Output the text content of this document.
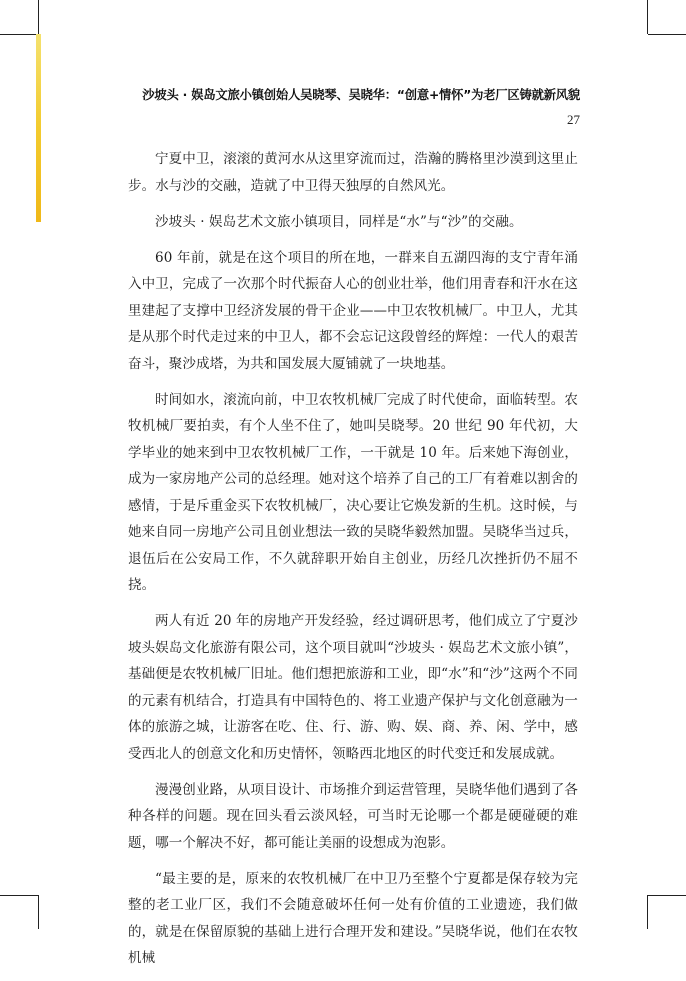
沙坡头 · 娱岛文旅小镇创始人吴晓琴、吴晓华：“创意+情怀”为老厂区铸就新风貌
27

宁夏中卫，滚滚的黄河水从这里穿流而过，浩瀚的腾格里沙漠到这里止步。水与沙的交融，造就了中卫得天独厚的自然风光。

沙坡头 · 娱岛艺术文旅小镇项目，同样是“水”与“沙”的交融。

60 年前，就是在这个项目的所在地，一群来自五湖四海的支宁青年涌入中卫，完成了一次那个时代振奋人心的创业壮举，他们用青春和汗水在这里建起了支撑中卫经济发展的骨干企业——中卫农牧机械厂。中卫人，尤其是从那个时代走过来的中卫人，都不会忘记这段曾经的辉煌：一代人的艰苦奋斗，聚沙成塔，为共和国发展大厦铺就了一块地基。

时间如水，滚流向前，中卫农牧机械厂完成了时代使命，面临转型。农牧机械厂要拍卖，有个人坐不住了，她叫吴晓琴。20 世纪 90 年代初，大学毕业的她来到中卫农牧机械厂工作，一干就是 10 年。后来她下海创业，成为一家房地产公司的总经理。她对这个培养了自己的工厂有着难以割舍的感情，于是斥重金买下农牧机械厂，决心要让它焕发新的生机。这时候，与她来自同一房地产公司且创业想法一致的吴晓华毅然加盟。吴晓华当过兵，退伍后在公安局工作，不久就辞职开始自主创业，历经几次挫折仍不屈不挠。

两人有近 20 年的房地产开发经验，经过调研思考，他们成立了宁夏沙坡头娱岛文化旅游有限公司，这个项目就叫“沙坡头 · 娱岛艺术文旅小镇”，基础便是农牧机械厂旧址。他们想把旅游和工业，即“水”和“沙”这两个不同的元素有机结合，打造具有中国特色的、将工业遗产保护与文化创意融为一体的旅游之城，让游客在吃、住、行、游、购、娱、商、养、闲、学中，感受西北人的创意文化和历史情怀，领略西北地区的时代变迁和发展成就。

漫漫创业路，从项目设计、市场推介到运营管理，吴晓华他们遇到了各种各样的问题。现在回头看云淡风轻，可当时无论哪一个都是硬碰硬的难题，哪一个解决不好，都可能让美丽的设想成为泡影。

“最主要的是，原来的农牧机械厂在中卫乃至整个宁夏都是保存较为完整的老工业厂区，我们不会随意破坏任何一处有价值的工业遗迹，我们做的，就是在保留原貌的基础上进行合理开发和建设。”吴晓华说，他们在农牧机械
